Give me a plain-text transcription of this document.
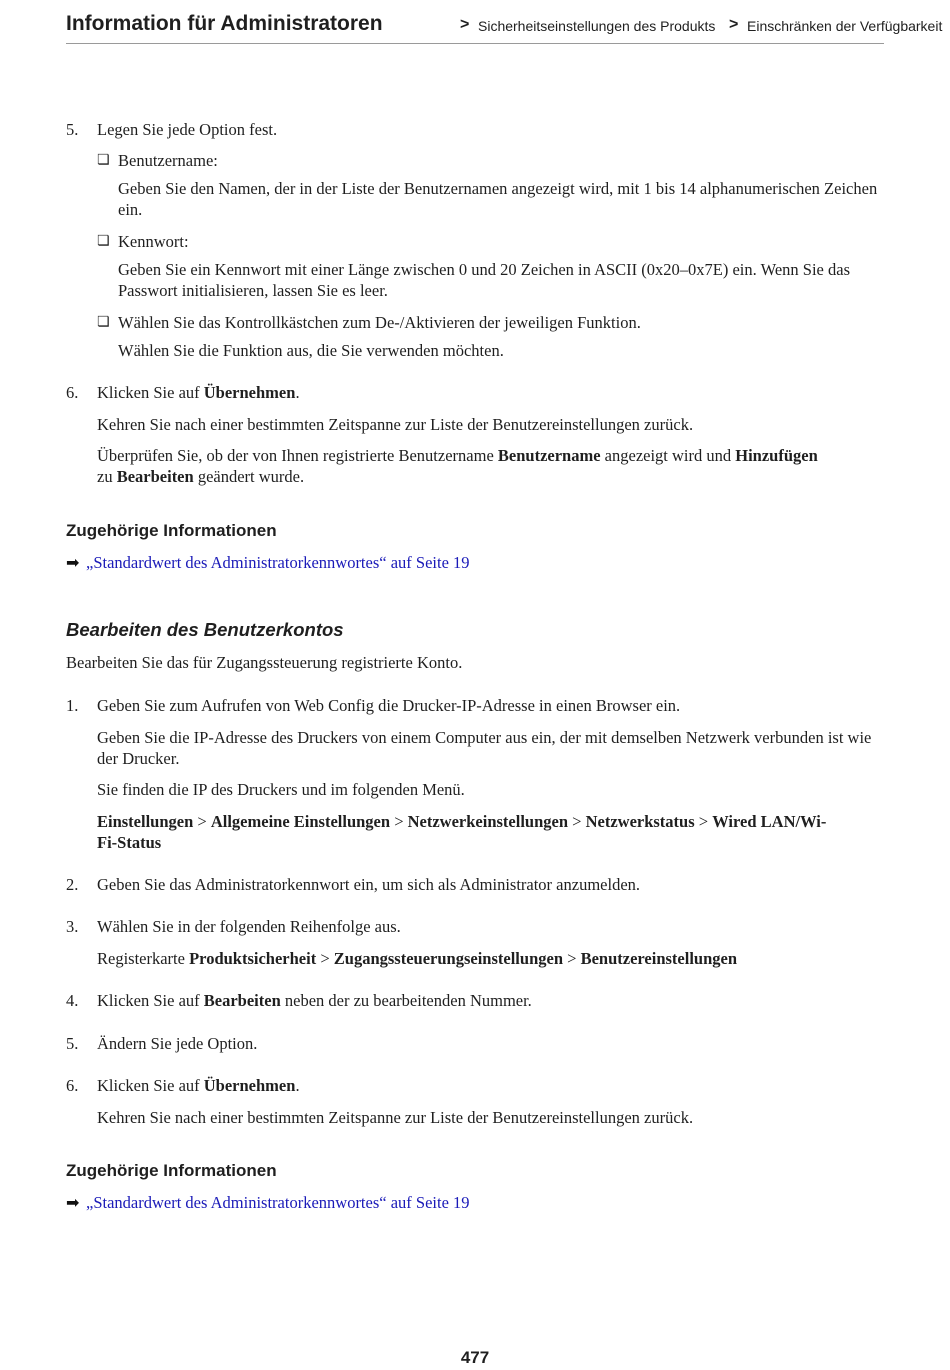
Information für Administratoren	> Sicherheitseinstellungen des Produkts > Einschränken der Verfügbarkeit
5. Legen Sie jede Option fest.
❏ Benutzername:
Geben Sie den Namen, der in der Liste der Benutzernamen angezeigt wird, mit 1 bis 14 alphanumerischen Zeichen ein.
❏ Kennwort:
Geben Sie ein Kennwort mit einer Länge zwischen 0 und 20 Zeichen in ASCII (0x20–0x7E) ein. Wenn Sie das Passwort initialisieren, lassen Sie es leer.
❏ Wählen Sie das Kontrollkästchen zum De-/Aktivieren der jeweiligen Funktion.
Wählen Sie die Funktion aus, die Sie verwenden möchten.
6. Klicken Sie auf Übernehmen.
Kehren Sie nach einer bestimmten Zeitspanne zur Liste der Benutzereinstellungen zurück.
Überprüfen Sie, ob der von Ihnen registrierte Benutzername Benutzername angezeigt wird und Hinzufügen
zu Bearbeiten geändert wurde.
Zugehörige Informationen
➡ „Standardwert des Administratorkennwortes“ auf Seite 19
Bearbeiten des Benutzerkontos
Bearbeiten Sie das für Zugangssteuerung registrierte Konto.
1. Geben Sie zum Aufrufen von Web Config die Drucker-IP-Adresse in einen Browser ein.
Geben Sie die IP-Adresse des Druckers von einem Computer aus ein, der mit demselben Netzwerk verbunden ist wie der Drucker.
Sie finden die IP des Druckers und im folgenden Menü.
Einstellungen > Allgemeine Einstellungen > Netzwerkeinstellungen > Netzwerkstatus > Wired LAN/Wi-
Fi-Status
2. Geben Sie das Administratorkennwort ein, um sich als Administrator anzumelden.
3. Wählen Sie in der folgenden Reihenfolge aus.
Registerkarte Produktsicherheit > Zugangssteuerungseinstellungen > Benutzereinstellungen
4. Klicken Sie auf Bearbeiten neben der zu bearbeitenden Nummer.
5. Ändern Sie jede Option.
6. Klicken Sie auf Übernehmen.
Kehren Sie nach einer bestimmten Zeitspanne zur Liste der Benutzereinstellungen zurück.
Zugehörige Informationen
➡ „Standardwert des Administratorkennwortes“ auf Seite 19
477
